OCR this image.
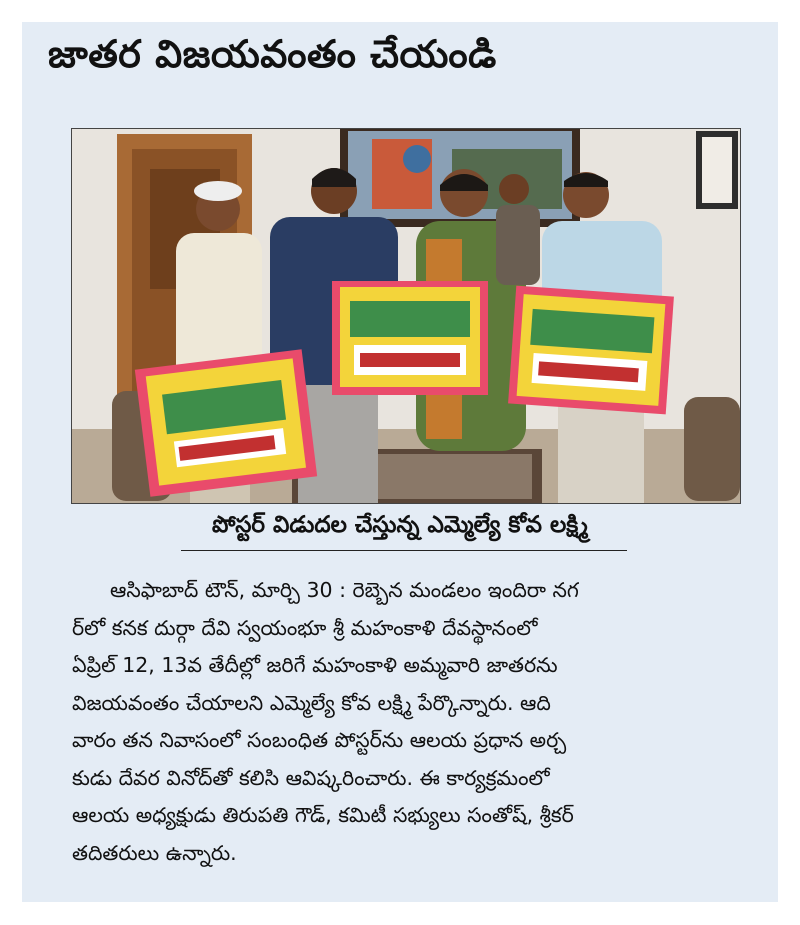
జాతర విజయవంతం చేయండి
పోస్టర్ విడుదల చేస్తున్న ఎమ్మెల్యే కోవ లక్ష్మి
ఆసిఫాబాద్ టౌన్, మార్చి 30 : రెబ్బెన మండలం ఇందిరా నగ
ర్‌లో కనక దుర్గా దేవి స్వయంభూ శ్రీ మహంకాళి దేవస్థానంలో
ఏప్రిల్ 12, 13వ తేదీల్లో జరిగే మహంకాళి అమ్మవారి జాతరను
విజయవంతం చేయాలని ఎమ్మెల్యే కోవ లక్ష్మి పేర్కొన్నారు. ఆది
వారం తన నివాసంలో సంబంధిత పోస్టర్‌ను ఆలయ ప్రధాన అర్చ
కుడు దేవర వినోద్‌తో కలిసి ఆవిష్కరించారు. ఈ కార్యక్రమంలో
ఆలయ అధ్యక్షుడు తిరుపతి గౌడ్, కమిటీ సభ్యులు సంతోష్, శ్రీకర్
తదితరులు ఉన్నారు.
